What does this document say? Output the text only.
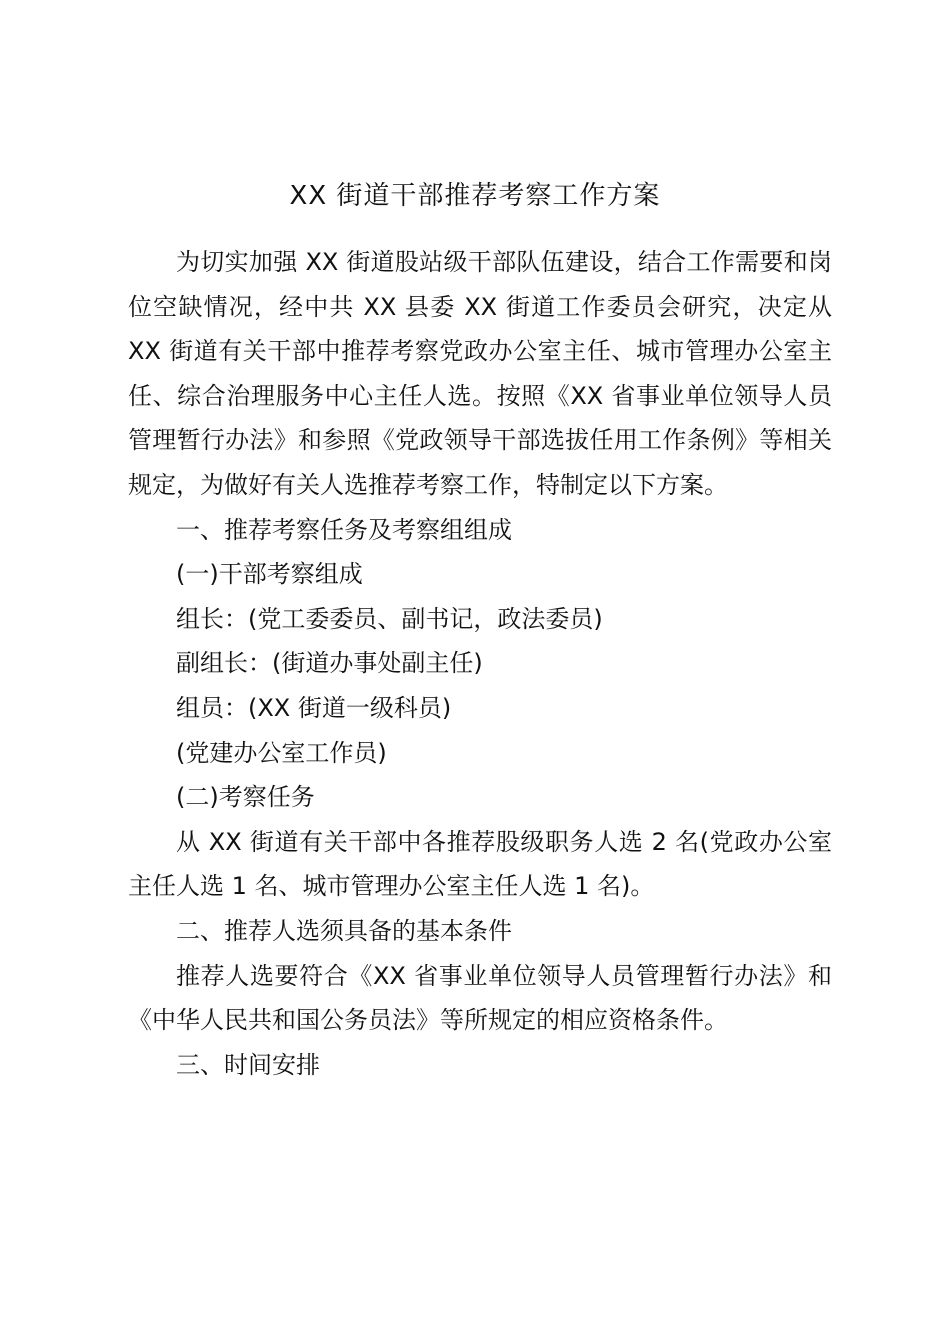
XX 街道干部推荐考察工作方案

为切实加强 XX 街道股站级干部队伍建设，结合工作需要和岗位空缺情况，经中共 XX 县委 XX 街道工作委员会研究，决定从 XX 街道有关干部中推荐考察党政办公室主任、城市管理办公室主任、综合治理服务中心主任人选。按照《XX 省事业单位领导人员管理暂行办法》和参照《党政领导干部选拔任用工作条例》等相关规定，为做好有关人选推荐考察工作，特制定以下方案。

一、推荐考察任务及考察组组成

(一)干部考察组成

组长：(党工委委员、副书记，政法委员)

副组长：(街道办事处副主任)

组员：(XX 街道一级科员)

(党建办公室工作员)

(二)考察任务

从 XX 街道有关干部中各推荐股级职务人选 2 名(党政办公室主任人选 1 名、城市管理办公室主任人选 1 名)。

二、推荐人选须具备的基本条件

推荐人选要符合《XX 省事业单位领导人员管理暂行办法》和《中华人民共和国公务员法》等所规定的相应资格条件。

三、时间安排
